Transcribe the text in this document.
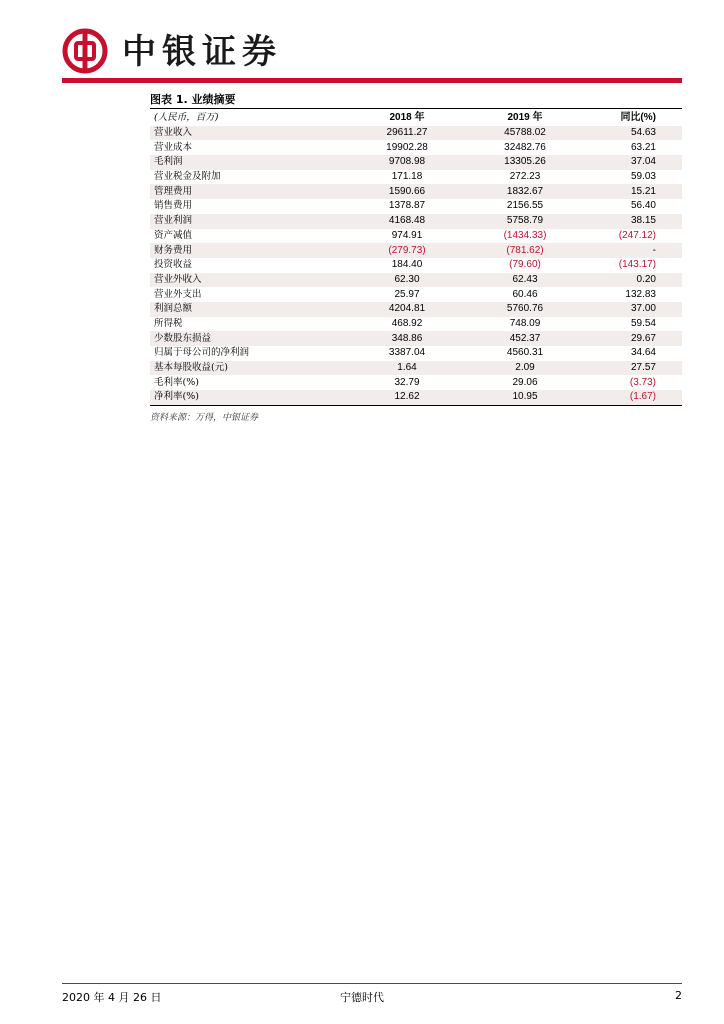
中银证券
图表 1. 业绩摘要
(人民币，百万)	2018 年	2019 年	同比(%)
营业收入	29611.27	45788.02	54.63
营业成本	19902.28	32482.76	63.21
毛利润	9708.98	13305.26	37.04
营业税金及附加	171.18	272.23	59.03
管理费用	1590.66	1832.67	15.21
销售费用	1378.87	2156.55	56.40
营业利润	4168.48	5758.79	38.15
资产减值	974.91	(1434.33)	(247.12)
财务费用	(279.73)	(781.62)	-
投资收益	184.40	(79.60)	(143.17)
营业外收入	62.30	62.43	0.20
营业外支出	25.97	60.46	132.83
利润总额	4204.81	5760.76	37.00
所得税	468.92	748.09	59.54
少数股东损益	348.86	452.37	29.67
归属于母公司的净利润	3387.04	4560.31	34.64
基本每股收益(元)	1.64	2.09	27.57
毛利率(%)	32.79	29.06	(3.73)
净利率(%)	12.62	10.95	(1.67)
资料来源：万得，中银证券
2020 年 4 月 26 日	宁德时代	2
